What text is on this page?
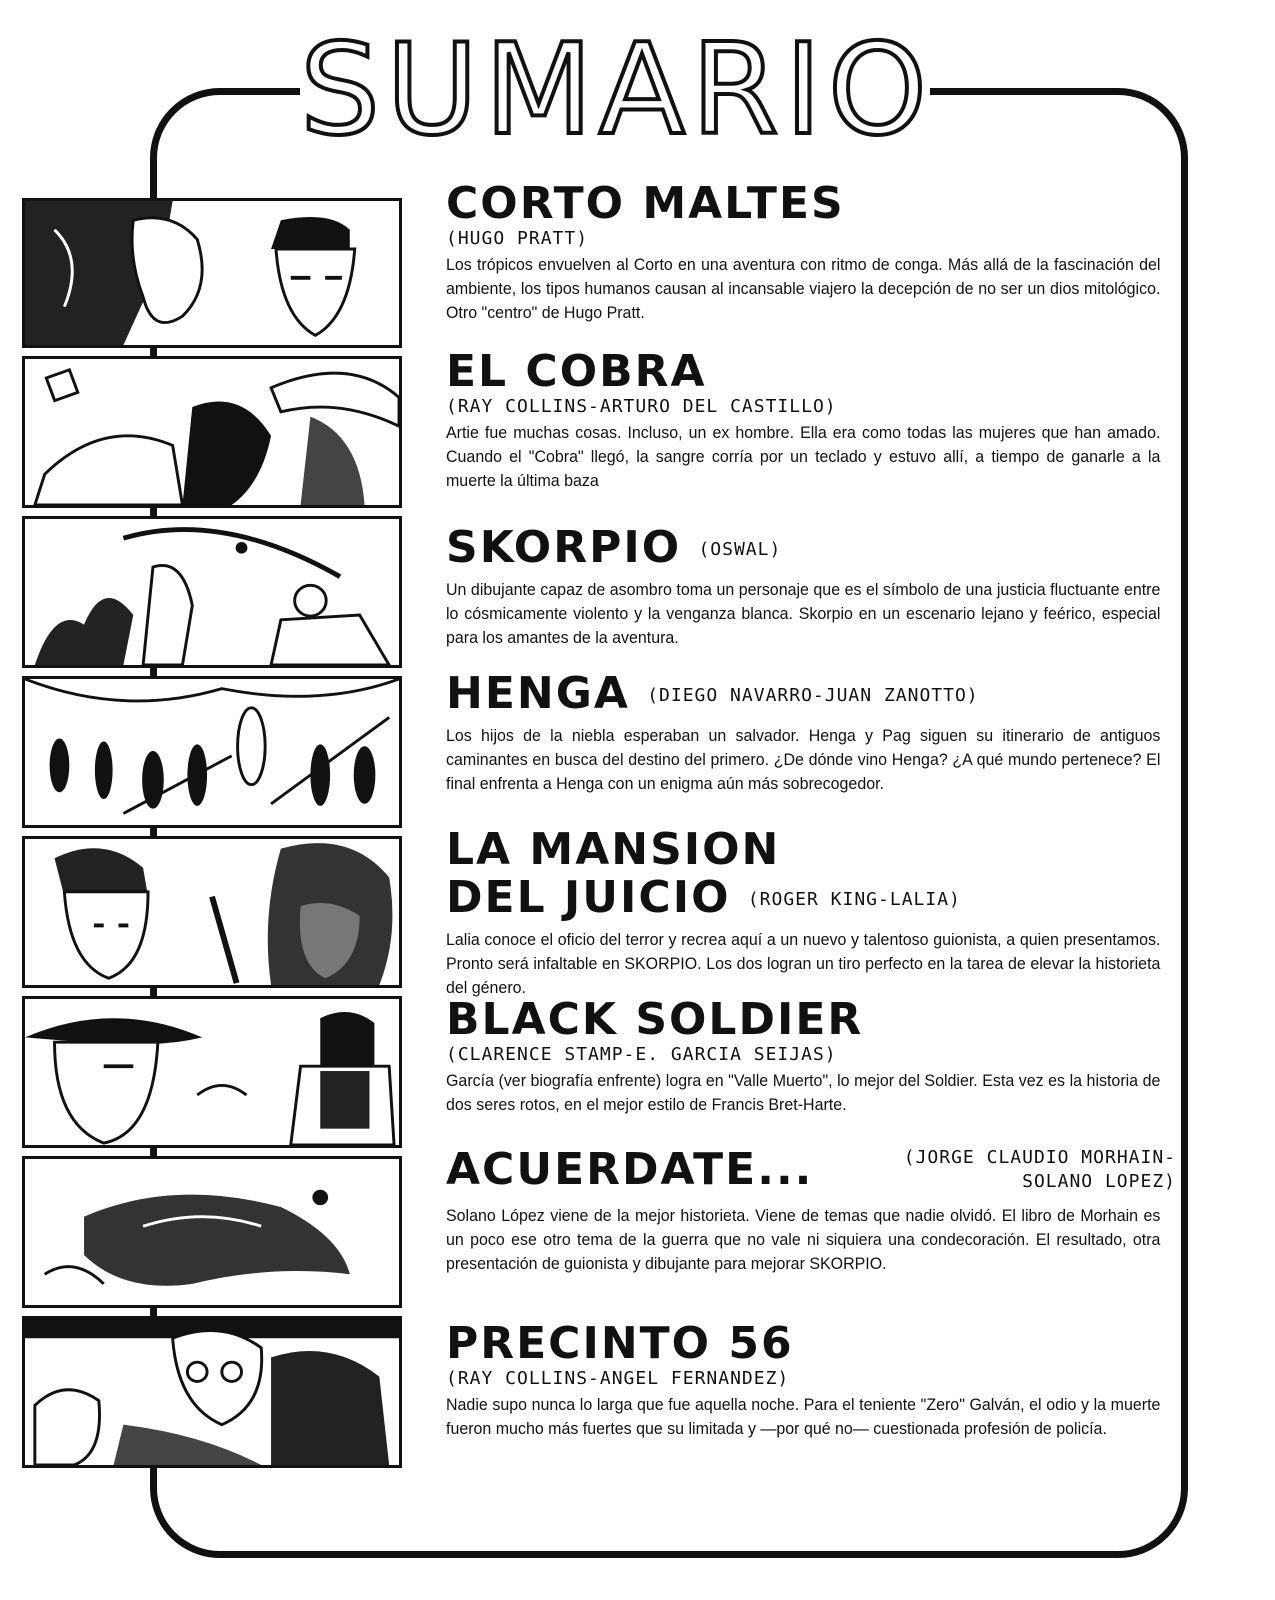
SUMARIO
CORTO MALTES
(HUGO PRATT)
Los trópicos envuelven al Corto en una aventura con ritmo de conga. Más allá de la fascinación del ambiente, los tipos humanos causan al incansable viajero la decepción de no ser un dios mitológico. Otro "centro" de Hugo Pratt.
EL COBRA
(RAY COLLINS-ARTURO DEL CASTILLO)
Artie fue muchas cosas. Incluso, un ex hombre. Ella era como todas las mujeres que han amado. Cuando el "Cobra" llegó, la sangre corría por un teclado y estuvo allí, a tiempo de ganarle a la muerte la última baza
SKORPIO (OSWAL)
Un dibujante capaz de asombro toma un personaje que es el símbolo de una justicia fluctuante entre lo cósmicamente violento y la venganza blanca. Skorpio en un escenario lejano y feérico, especial para los amantes de la aventura.
HENGA (DIEGO NAVARRO-JUAN ZANOTTO)
Los hijos de la niebla esperaban un salvador. Henga y Pag siguen su itinerario de antiguos caminantes en busca del destino del primero. ¿De dónde vino Henga? ¿A qué mundo pertenece? El final enfrenta a Henga con un enigma aún más sobrecogedor.
LA MANSION
DEL JUICIO (ROGER KING-LALIA)
Lalia conoce el oficio del terror y recrea aquí a un nuevo y talentoso guionista, a quien presentamos. Pronto será infaltable en SKORPIO. Los dos logran un tiro perfecto en la tarea de elevar la historieta del género.
BLACK SOLDIER
(CLARENCE STAMP-E. GARCIA SEIJAS)
García (ver biografía enfrente) logra en "Valle Muerto", lo mejor del Soldier. Esta vez es la historia de dos seres rotos, en el mejor estilo de Francis Bret-Harte.
ACUERDATE...	(JORGE CLAUDIO MORHAIN-
SOLANO LOPEZ)
Solano López viene de la mejor historieta. Viene de temas que nadie olvidó. El libro de Morhain es un poco ese otro tema de la guerra que no vale ni siquiera una condecoración. El resultado, otra presentación de guionista y dibujante para mejorar SKORPIO.
PRECINTO 56
(RAY COLLINS-ANGEL FERNANDEZ)
Nadie supo nunca lo larga que fue aquella noche. Para el teniente "Zero" Galván, el odio y la muerte fueron mucho más fuertes que su limitada y —por qué no— cuestionada profesión de policía.
